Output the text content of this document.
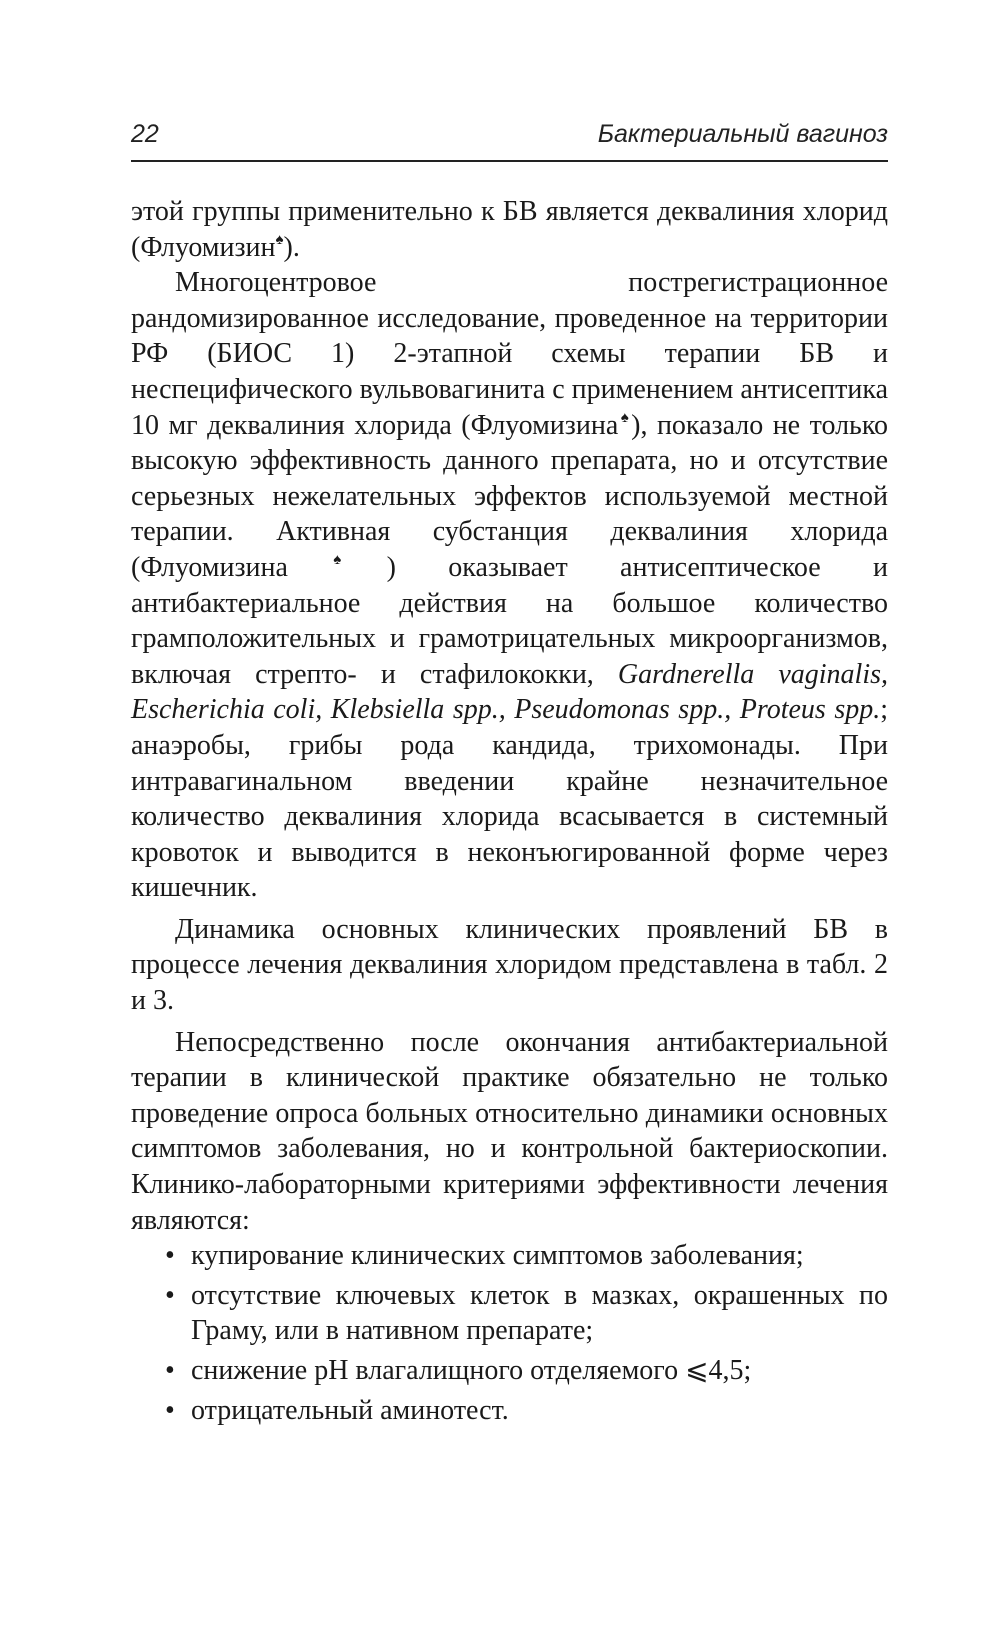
22	Бактериальный вагиноз

этой группы применительно к БВ является деквалиния хлорид (Флуомизин♠).

Многоцентровое пострегистрационное рандомизированное исследование, проведенное на территории РФ (БИОС 1) 2-этапной схемы терапии БВ и неспецифического вульвовагинита с применением антисептика 10 мг деквалиния хлорида (Флуомизина♠), показало не только высокую эффективность данного препарата, но и отсутствие серьезных нежелательных эффектов используемой местной терапии. Активная субстанция деквалиния хлорида (Флуомизина♠) оказывает антисептическое и антибактериальное действия на большое количество грамположительных и грамотрицательных микроорганизмов, включая стрепто- и стафилококки, Gardnerella vaginalis, Escherichia coli, Klebsiella spp., Pseudomonas spp., Proteus spp.; анаэробы, грибы рода кандида, трихомонады. При интравагинальном введении крайне незначительное количество деквалиния хлорида всасывается в системный кровоток и выводится в неконъюгированной форме через кишечник.

Динамика основных клинических проявлений БВ в процессе лечения деквалиния хлоридом представлена в табл. 2 и 3.

Непосредственно после окончания антибактериальной терапии в клинической практике обязательно не только проведение опроса больных относительно динамики основных симптомов заболевания, но и контрольной бактериоскопии. Клинико-лабораторными критериями эффективности лечения являются:

• купирование клинических симптомов заболевания;
• отсутствие ключевых клеток в мазках, окрашенных по Граму, или в нативном препарате;
• снижение pH влагалищного отделяемого ⩽4,5;
• отрицательный аминотест.
